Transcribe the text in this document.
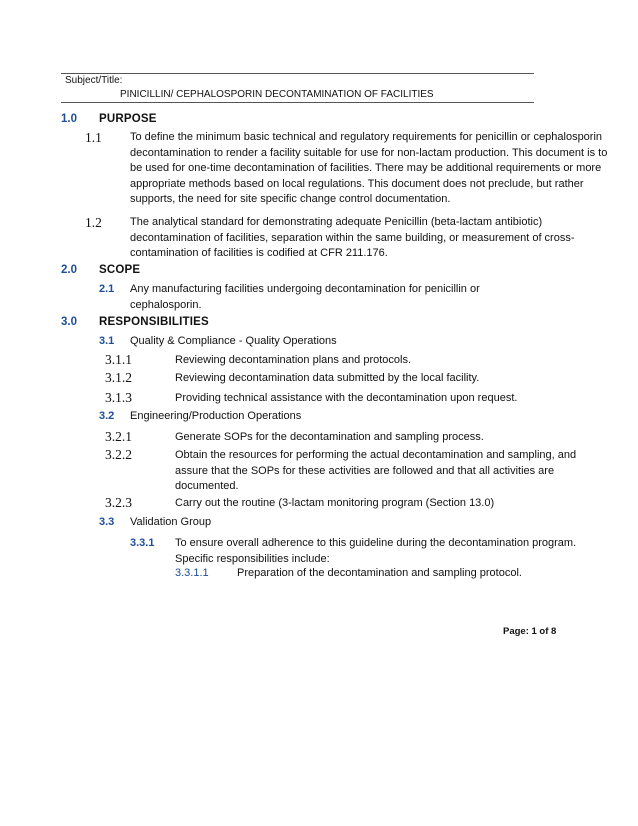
Subject/Title:
PINICILLIN/ CEPHALOSPORIN DECONTAMINATION OF FACILITIES
1.0 PURPOSE
1.1	To define the minimum basic technical and regulatory requirements for penicillin or cephalosporin decontamination to render a facility suitable for use for non-lactam production. This document is to be used for one-time decontamination of facilities. There may be additional requirements or more appropriate methods based on local regulations. This document does not preclude, but rather supports, the need for site specific change control documentation.
1.2	The analytical standard for demonstrating adequate Penicillin (beta-lactam antibiotic) decontamination of facilities, separation within the same building, or measurement of cross-contamination of facilities is codified at CFR 211.176.
2.0 SCOPE
2.1 Any manufacturing facilities undergoing decontamination for penicillin or cephalosporin.
3.0 RESPONSIBILITIES
3.1 Quality & Compliance - Quality Operations
3.1.1	Reviewing decontamination plans and protocols.
3.1.2	Reviewing decontamination data submitted by the local facility.
3.1.3	Providing technical assistance with the decontamination upon request.
3.2 Engineering/Production Operations
3.2.1	Generate SOPs for the decontamination and sampling process.
3.2.2	Obtain the resources for performing the actual decontamination and sampling, and assure that the SOPs for these activities are followed and that all activities are documented.
3.2.3	Carry out the routine (3-lactam monitoring program (Section 13.0)
3.3 Validation Group
3.3.1 To ensure overall adherence to this guideline during the decontamination program. Specific responsibilities include:
3.3.1.1	Preparation of the decontamination and sampling protocol.
Page: 1 of 8
